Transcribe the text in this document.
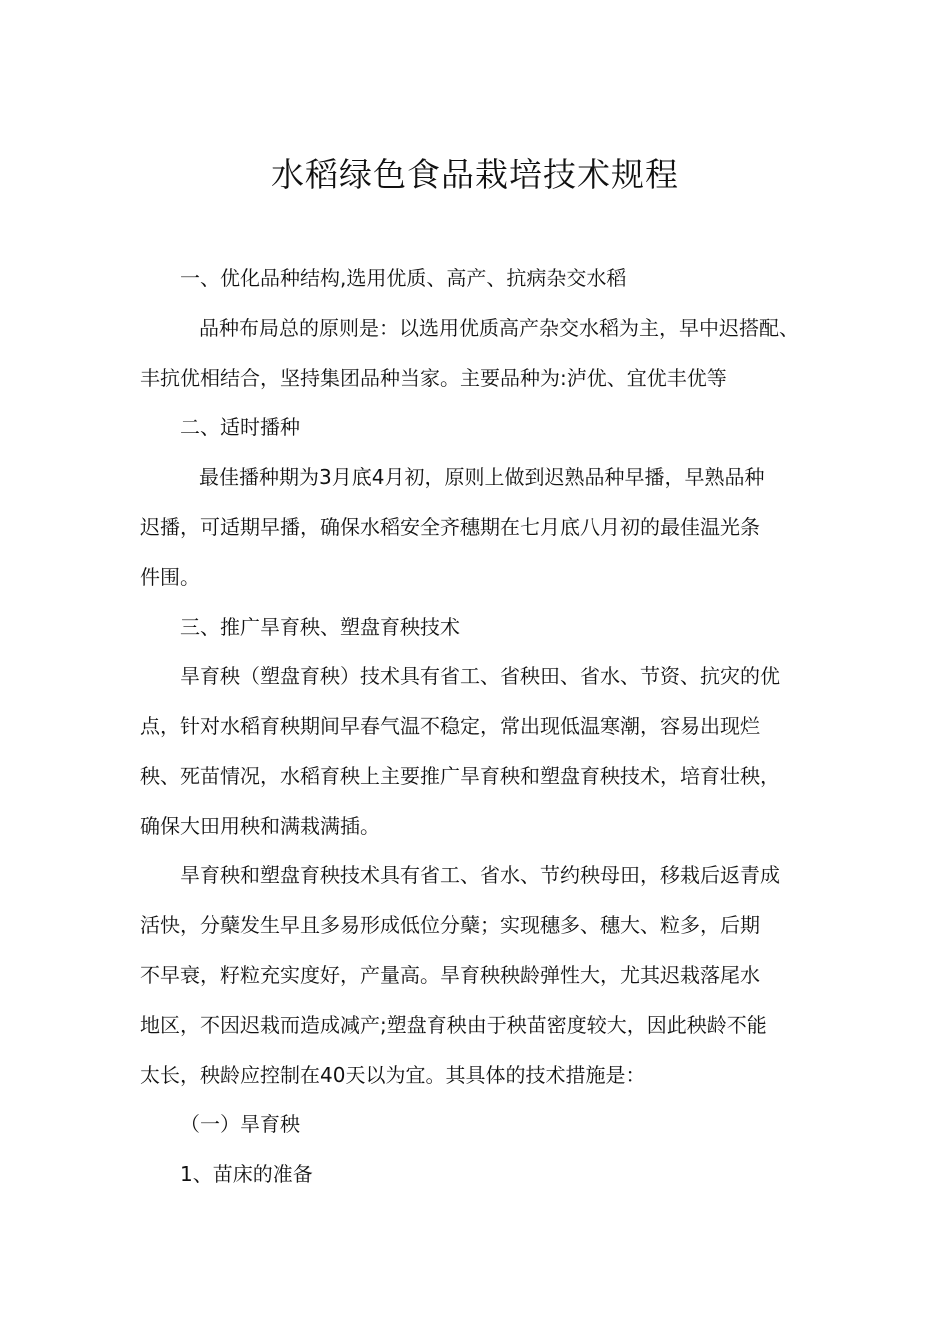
水稻绿色食品栽培技术规程

一、优化品种结构,选用优质、高产、抗病杂交水稻

品种布局总的原则是：以选用优质高产杂交水稻为主，早中迟搭配、

丰抗优相结合，坚持集团品种当家。主要品种为:泸优、宜优丰优等

二、适时播种

最佳播种期为3月底4月初，原则上做到迟熟品种早播，早熟品种

迟播，可适期早播，确保水稻安全齐穗期在七月底八月初的最佳温光条

件围。

三、推广旱育秧、塑盘育秧技术

旱育秧（塑盘育秧）技术具有省工、省秧田、省水、节资、抗灾的优

点，针对水稻育秧期间早春气温不稳定，常出现低温寒潮，容易出现烂

秧、死苗情况，水稻育秧上主要推广旱育秧和塑盘育秧技术，培育壮秧，

确保大田用秧和满栽满插。

旱育秧和塑盘育秧技术具有省工、省水、节约秧母田，移栽后返青成

活快，分蘖发生早且多易形成低位分蘖；实现穗多、穗大、粒多，后期

不早衰，籽粒充实度好，产量高。旱育秧秧龄弹性大，尤其迟栽落尾水

地区，不因迟栽而造成减产;塑盘育秧由于秧苗密度较大，因此秧龄不能

太长，秧龄应控制在40天以为宜。其具体的技术措施是：

（一）旱育秧

1、苗床的准备
